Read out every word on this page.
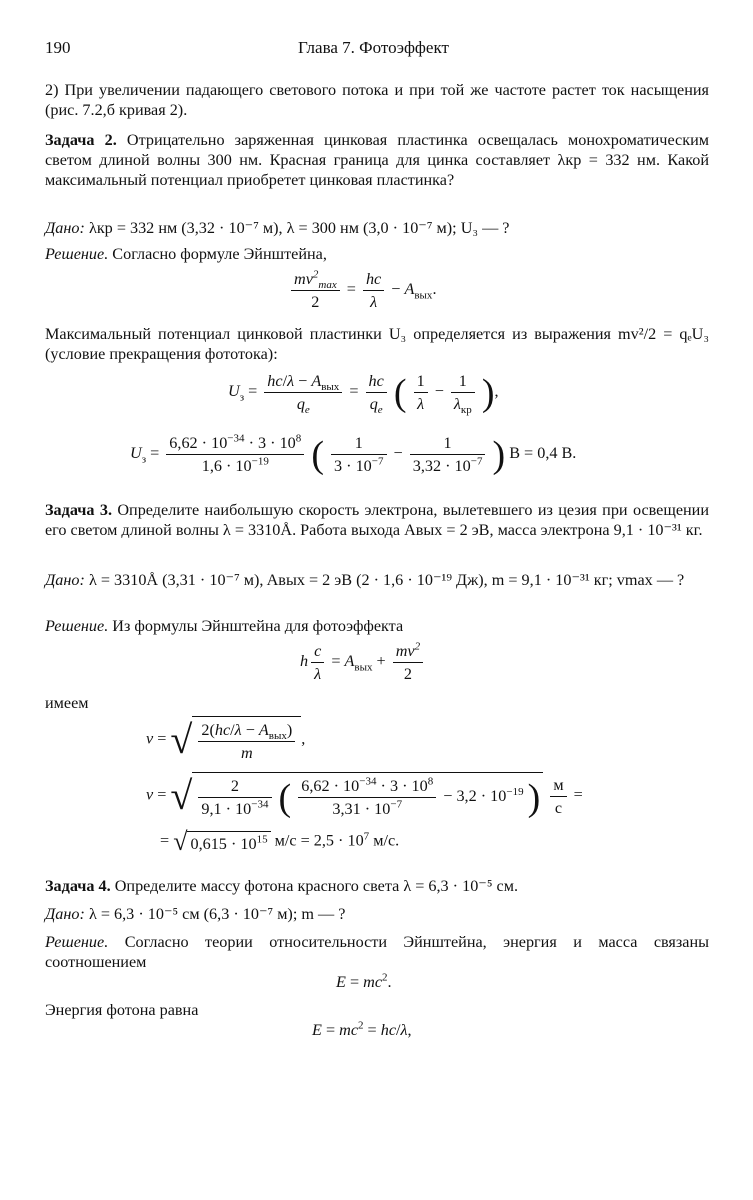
190	Глава 7. Фотоэффект
2) При увеличении падающего светового потока и при той же частоте растет ток насыщения (рис. 7.2,б кривая 2).
Задача 2. Отрицательно заряженная цинковая пластинка освещалась монохроматическим светом длиной волны 300 нм. Красная граница для цинка составляет λкр = 332 нм. Какой максимальный потенциал приобретет цинковая пластинка?
Дано: λкр = 332 нм (3,32 · 10⁻⁷ м), λ = 300 нм (3,0 · 10⁻⁷ м); U₃ — ?
Решение. Согласно формуле Эйнштейна,
$\frac{mv^2_{max}}{2} = \frac{hc}{\lambda} - A_{вых}$.
Максимальный потенциал цинковой пластинки U₃ определяется из выражения mv²/2 = qₑU₃ (условие прекращения фототока):
$U_з = \frac{hc/\lambda - A_{вых}}{q_e} = \frac{hc}{q_e}$ ( $\frac{1}{\lambda} - \frac{1}{\lambda_{кр}}$ ),
$U_з = \frac{6,62 \cdot 10^{-34} \cdot 3 \cdot 10^8}{1,6 \cdot 10^{-19}}$ ( $\frac{1}{3 \cdot 10^{-7}} - \frac{1}{3,32 \cdot 10^{-7}}$ ) В = 0,4 В.
Задача 3. Определите наибольшую скорость электрона, вылетевшего из цезия при освещении его светом длиной волны λ = 3310Å. Работа выхода Aвых = 2 эВ, масса электрона 9,1 · 10⁻³¹ кг.
Дано: λ = 3310Å (3,31 · 10⁻⁷ м), Aвых = 2 эВ (2 · 1,6 · 10⁻¹⁹ Дж), m = 9,1 · 10⁻³¹ кг; vmax — ?
Решение. Из формулы Эйнштейна для фотоэффекта
h $\frac{c}{\lambda} = A_{вых} + \frac{mv^2}{2}$
имеем
v = √ $\frac{2(hc/\lambda - A_{вых})}{m}$ ,
v = √ $\frac{2}{9,1 \cdot 10^{-34}}$ ( $\frac{6,62 \cdot 10^{-34} \cdot 3 \cdot 10^8}{3,31 \cdot 10^{-7}} - 3,2 \cdot 10^{-19}$ ) $\frac{м}{с}$ =
= √ $0,615 \cdot 10^{15}$ $м/с = 2,5 \cdot 10^7$ м/с.
Задача 4. Определите массу фотона красного света λ = 6,3 · 10⁻⁵ см.
Дано: λ = 6,3 · 10⁻⁵ см (6,3 · 10⁻⁷ м); m — ?
Решение. Согласно теории относительности Эйнштейна, энергия и масса связаны соотношением
$E = mc^2$.
Энергия фотона равна
$E = mc^2 = hc/\lambda$,
